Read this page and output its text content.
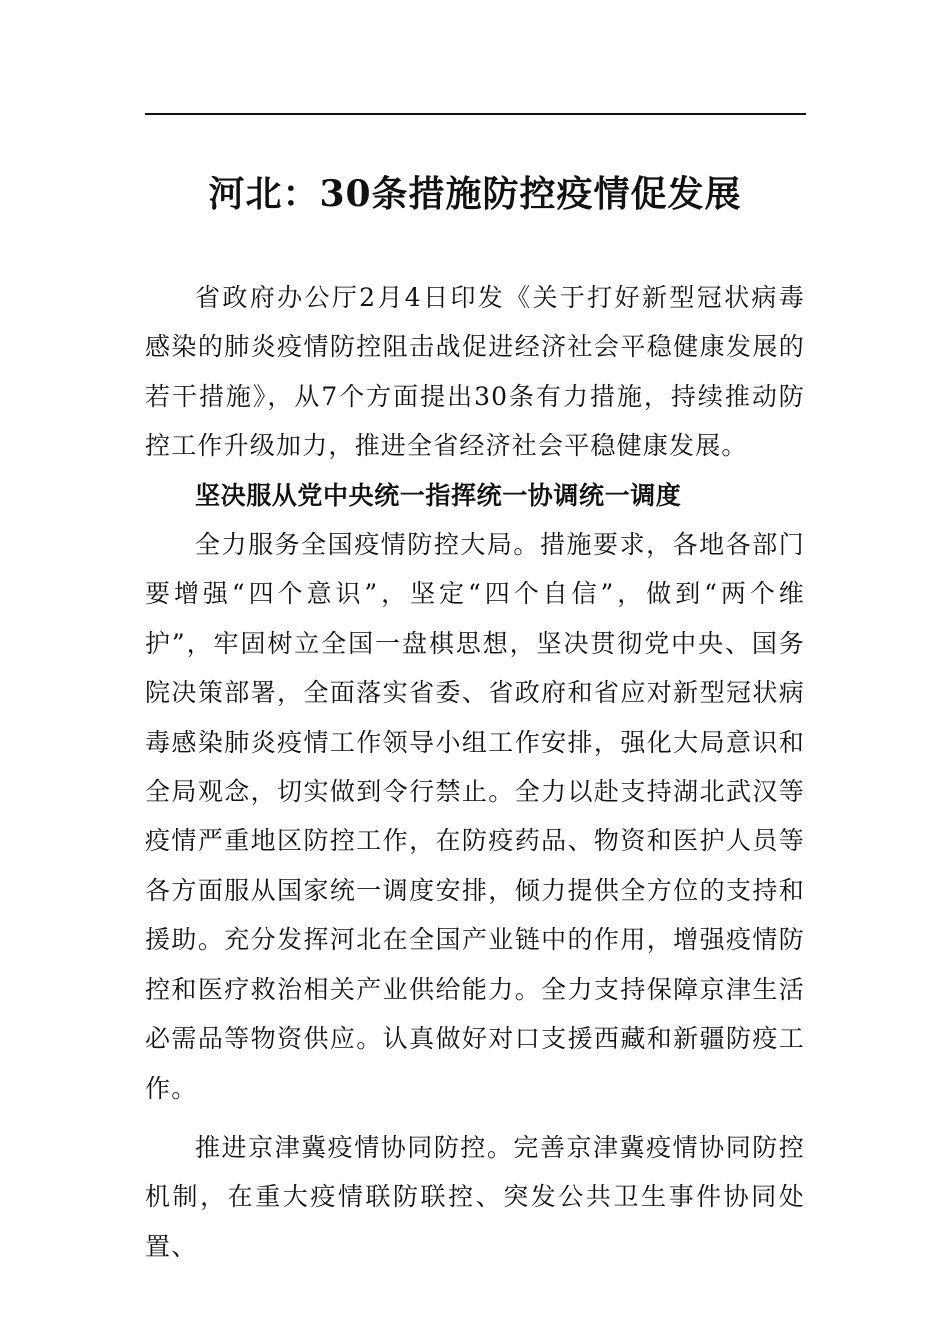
河北：30条措施防控疫情促发展

省政府办公厅2月4日印发《关于打好新型冠状病毒感染的肺炎疫情防控阻击战促进经济社会平稳健康发展的若干措施》，从7个方面提出30条有力措施，持续推动防控工作升级加力，推进全省经济社会平稳健康发展。

坚决服从党中央统一指挥统一协调统一调度

全力服务全国疫情防控大局。措施要求，各地各部门要增强“四个意识”，坚定“四个自信”，做到“两个维护”，牢固树立全国一盘棋思想，坚决贯彻党中央、国务院决策部署，全面落实省委、省政府和省应对新型冠状病毒感染肺炎疫情工作领导小组工作安排，强化大局意识和全局观念，切实做到令行禁止。全力以赴支持湖北武汉等疫情严重地区防控工作，在防疫药品、物资和医护人员等各方面服从国家统一调度安排，倾力提供全方位的支持和援助。充分发挥河北在全国产业链中的作用，增强疫情防控和医疗救治相关产业供给能力。全力支持保障京津生活必需品等物资供应。认真做好对口支援西藏和新疆防疫工作。

推进京津冀疫情协同防控。完善京津冀疫情协同防控机制，在重大疫情联防联控、突发公共卫生事件协同处置、
